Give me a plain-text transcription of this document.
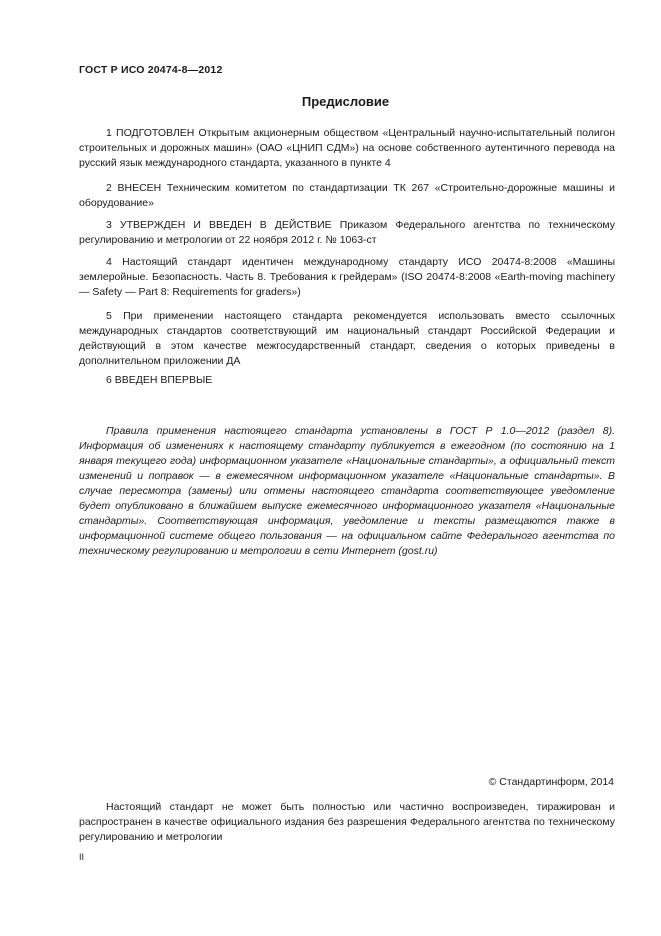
ГОСТ Р ИСО 20474-8—2012
Предисловие
1 ПОДГОТОВЛЕН Открытым акционерным обществом «Центральный научно-испытательный полигон строительных и дорожных машин» (ОАО «ЦНИП СДМ») на основе собственного аутентичного перевода на русский язык международного стандарта, указанного в пункте 4
2 ВНЕСЕН Техническим комитетом по стандартизации ТК 267 «Строительно-дорожные машины и оборудование»
3 УТВЕРЖДЕН И ВВЕДЕН В ДЕЙСТВИЕ Приказом Федерального агентства по техническому регулированию и метрологии от 22 ноября 2012 г. № 1063-ст
4 Настоящий стандарт идентичен международному стандарту ИСО 20474-8:2008 «Машины землеройные. Безопасность. Часть 8. Требования к грейдерам» (ISO 20474-8:2008 «Earth-moving machinery — Safety — Part 8: Requirements for graders»)
5 При применении настоящего стандарта рекомендуется использовать вместо ссылочных международных стандартов соответствующий им национальный стандарт Российской Федерации и действующий в этом качестве межгосударственный стандарт, сведения о которых приведены в дополнительном приложении ДА
6 ВВЕДЕН ВПЕРВЫЕ
Правила применения настоящего стандарта установлены в ГОСТ Р 1.0—2012 (раздел 8). Информация об изменениях к настоящему стандарту публикуется в ежегодном (по состоянию на 1 января текущего года) информационном указателе «Национальные стандарты», а официальный текст изменений и поправок — в ежемесячном информационном указателе «Национальные стандарты». В случае пересмотра (замены) или отмены настоящего стандарта соответствующее уведомление будет опубликовано в ближайшем выпуске ежемесячного информационного указателя «Национальные стандарты». Соответствующая информация, уведомление и тексты размещаются также в информационной системе общего пользования — на официальном сайте Федерального агентства по техническому регулированию и метрологии в сети Интернет (gost.ru)
© Стандартинформ, 2014
Настоящий стандарт не может быть полностью или частично воспроизведен, тиражирован и распространен в качестве официального издания без разрешения Федерального агентства по техническому регулированию и метрологии
II
